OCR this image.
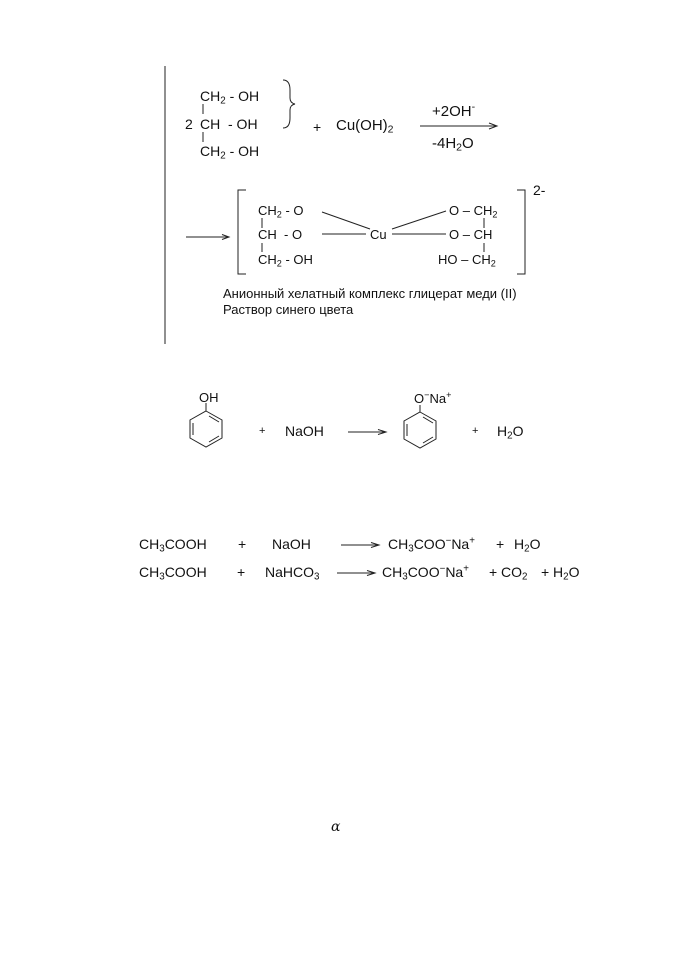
$CH_2$ - OH
2 CH  - OH
$CH_2$ - OH
+ $Cu(OH)_2$
+2OH-
$-4H_2O$
2-
$CH_2$ - O
CH  - O
$CH_2$ - OH
Cu
O – $CH_2$
O – CH
HO – $CH_2$
Анионный хелатный комплекс глицерат меди (II)
Раствор синего цвета
OH
+ NaOH
O−Na+
+ $H_2O$
$CH_3COOH$ + NaOH	$CH_3COO^-Na^+ + H_2O$
$CH_3COOH$ + NaHCO$_3$	$CH_3COO^-Na^+ + CO_2 + H_2O$
α
